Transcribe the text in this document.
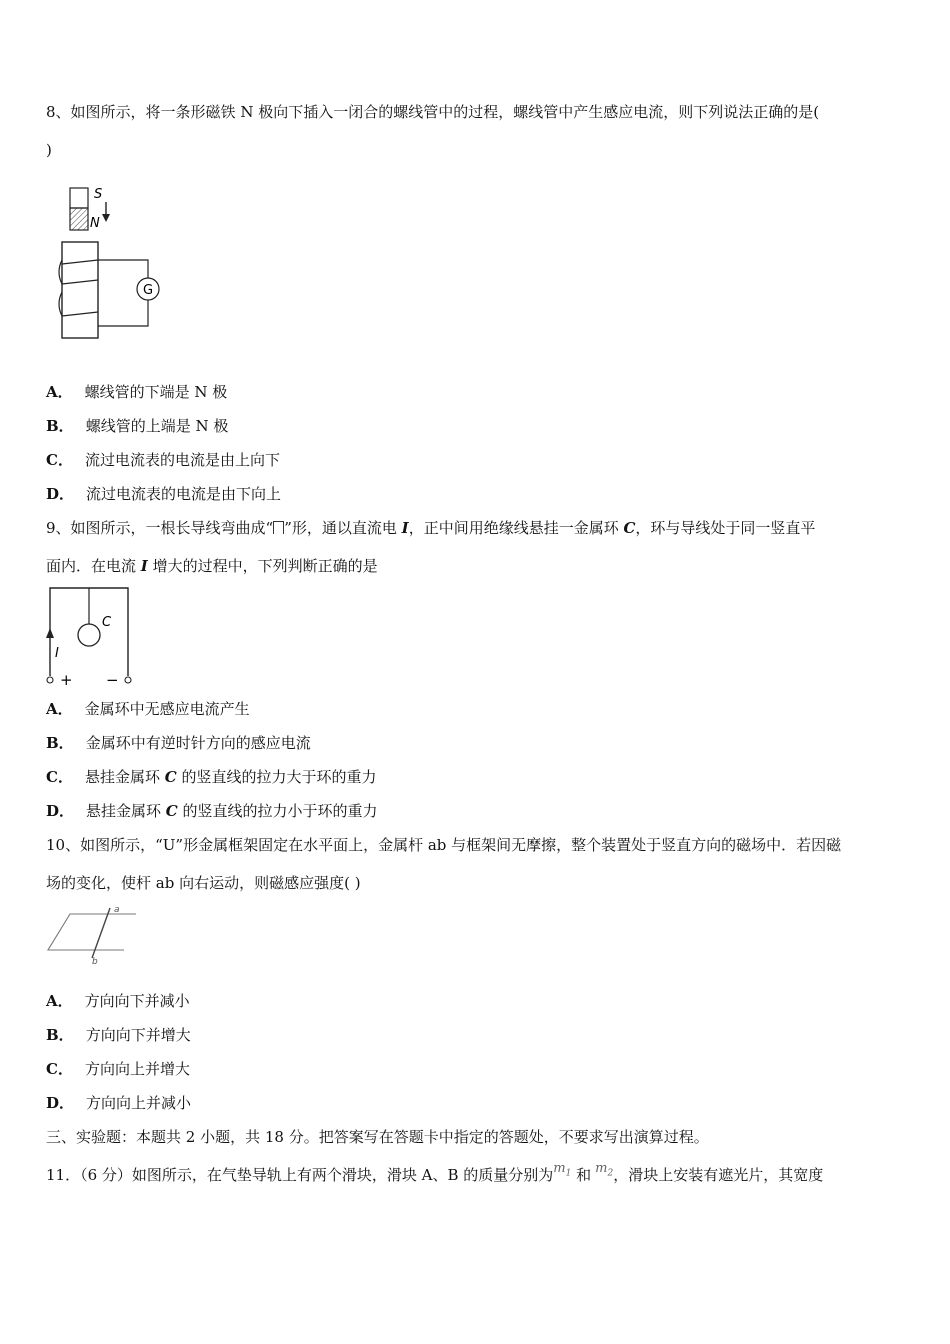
8、如图所示，将一条形磁铁 N 极向下插入一闭合的螺线管中的过程，螺线管中产生感应电流，则下列说法正确的是(
)
S
N
G
A． 螺线管的下端是 N 极
B． 螺线管的上端是 N 极
C． 流过电流表的电流是由上向下
D． 流过电流表的电流是由下向上
9、如图所示，一根长导线弯曲成“ ”形，通以直流电 I，正中间用绝缘线悬挂一金属环 C，环与导线处于同一竖直平
面内．在电流 I 增大的过程中，下列判断正确的是
C
I
+ −
A． 金属环中无感应电流产生
B． 金属环中有逆时针方向的感应电流
C． 悬挂金属环 C 的竖直线的拉力大于环的重力
D． 悬挂金属环 C 的竖直线的拉力小于环的重力
10、如图所示，“U”形金属框架固定在水平面上，金属杆 ab 与框架间无摩擦，整个装置处于竖直方向的磁场中．若因磁
场的变化，使杆 ab 向右运动，则磁感应强度( )
a
b
A． 方向向下并减小
B． 方向向下并增大
C． 方向向上并增大
D． 方向向上并减小
三、实验题：本题共 2 小题，共 18 分。把答案写在答题卡中指定的答题处，不要求写出演算过程。
11．（6 分）如图所示，在气垫导轨上有两个滑块，滑块 A、B 的质量分别为$m_1$ 和 $m_2$，滑块上安装有遮光片，其宽度
